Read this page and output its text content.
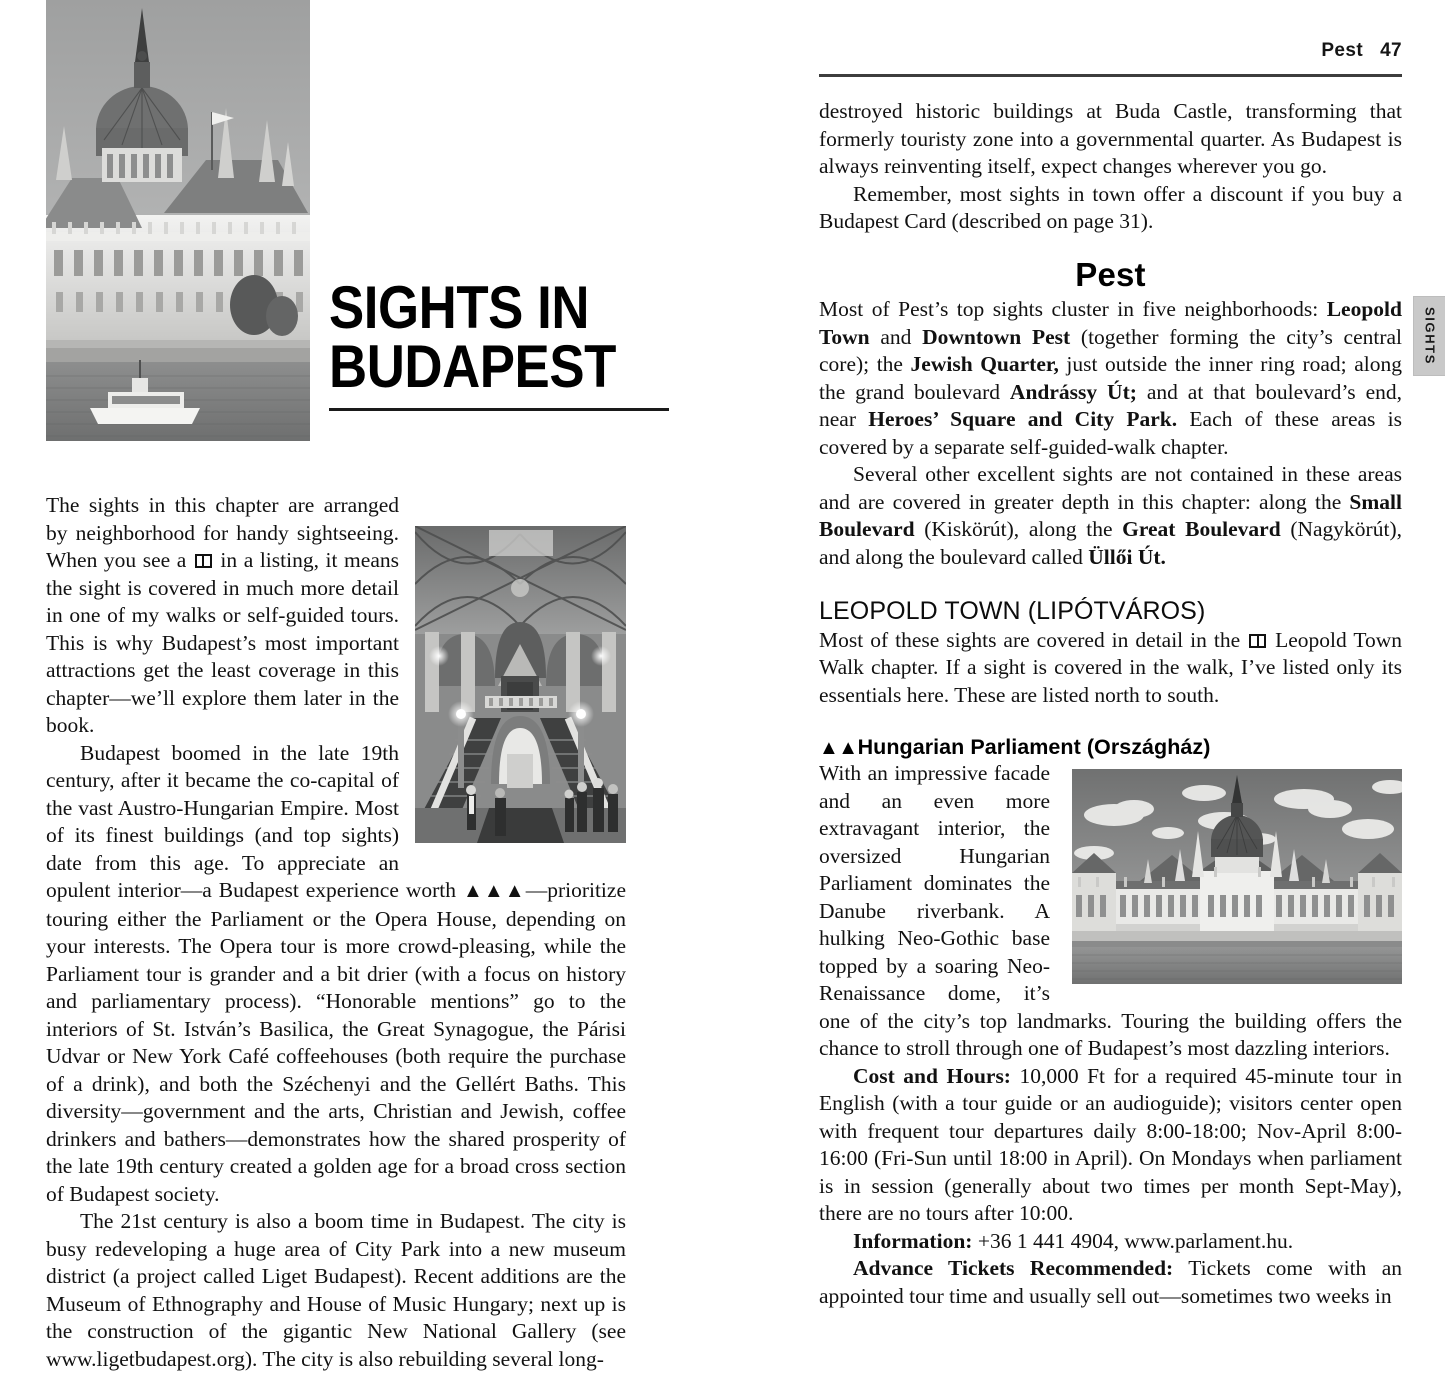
SIGHTS IN
BUDAPEST

The sights in this chapter are arranged by neighborhood for handy sightseeing. When you see a
in a listing, it means the sight is covered in much more detail in one of my walks or self-guided tours. This is why Budapest’s most important attractions get the least coverage in this chapter—we’ll explore them later in the book.

Budapest boomed in the late 19th century, after it became the co-capital of the vast Austro-Hungarian Empire. Most of its finest buildings (and top sights) date from this age. To appreciate an opulent interior—a Budapest experience worth ▲▲▲—prioritize touring either the Parliament or the Opera House, depending on your interests. The Opera tour is more crowd-pleasing, while the Parliament tour is grander and a bit drier (with a focus on history and parliamentary process). “Honorable mentions” go to the interiors of St. István’s Basilica, the Great Synagogue, the Párisi Udvar or New York Café coffeehouses (both require the purchase of a drink), and both the Széchenyi and the Gellért Baths. This diversity—government and the arts, Christian and Jewish, coffee drinkers and bathers—demonstrates how the shared prosperity of the late 19th century created a golden age for a broad cross section of Budapest society.

The 21st century is also a boom time in Budapest. The city is busy redeveloping a huge area of City Park into a new museum district (a project called Liget Budapest). Recent additions are the Museum of Ethnography and House of Music Hungary; next up is the construction of the gigantic New National Gallery (see www.ligetbudapest.org). The city is also rebuilding several long-

Pest 47

destroyed historic buildings at Buda Castle, transforming that formerly touristy zone into a governmental quarter. As Budapest is always reinventing itself, expect changes wherever you go.

Remember, most sights in town offer a discount if you buy a Budapest Card (described on page 31).

Pest

Most of Pest’s top sights cluster in five neighborhoods: Leopold Town and Downtown Pest (together forming the city’s central core); the Jewish Quarter, just outside the inner ring road; along the grand boulevard Andrássy Út; and at that boulevard’s end, near Heroes’ Square and City Park. Each of these areas is covered by a separate self-guided-walk chapter.

Several other excellent sights are not contained in these areas and are covered in greater depth in this chapter: along the Small Boulevard (Kiskörút), along the Great Boulevard (Nagykörút), and along the boulevard called Üllői Út.

LEOPOLD TOWN (LIPÓTVÁROS)

Most of these sights are covered in detail in the
Leopold Town Walk chapter. If a sight is covered in the walk, I’ve listed only its essentials here. These are listed north to south.

▲▲Hungarian Parliament (Országház)

With an impressive facade and an even more extravagant interior, the oversized Hungarian Parliament dominates the Danube riverbank. A hulking Neo-Gothic base topped by a soaring Neo-Renaissance dome, it’s one of the city’s top landmarks. Touring the building offers the chance to stroll through one of Budapest’s most dazzling interiors.

Cost and Hours: 10,000 Ft for a required 45-minute tour in English (with a tour guide or an audioguide); visitors center open with frequent tour departures daily 8:00-18:00; Nov-April 8:00-16:00 (Fri-Sun until 18:00 in April). On Mondays when parliament is in session (generally about two times per month Sept-May), there are no tours after 10:00.

Information: +36 1 441 4904, www.parlament.hu.

Advance Tickets Recommended: Tickets come with an appointed tour time and usually sell out—sometimes two weeks in

SIGHTS
